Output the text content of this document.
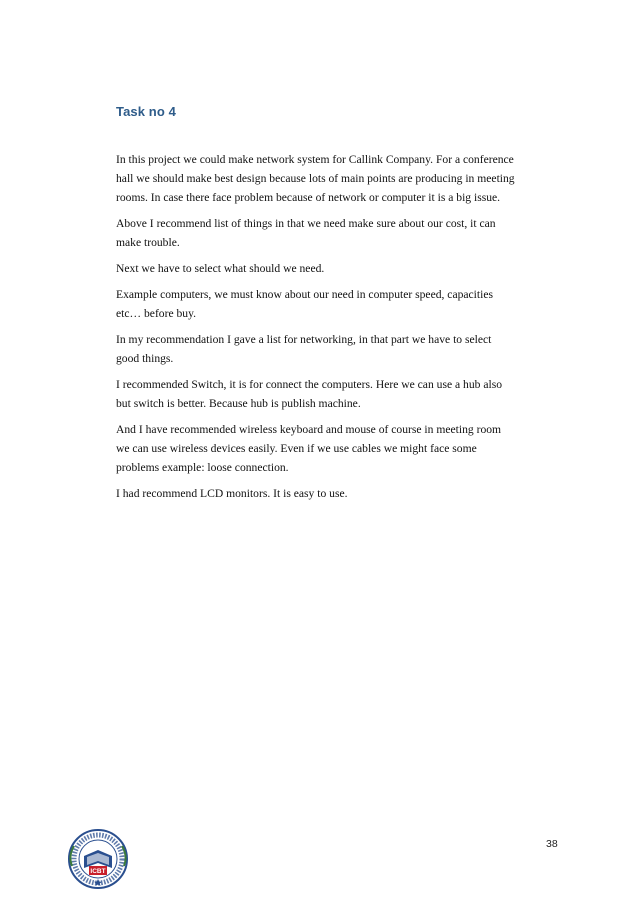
Task no 4

In this project we could make network system for Callink Company. For a conference
hall we should make best design because lots of main points are producing in meeting
rooms. In case there face problem because of network or computer it is a big issue.

Above I recommend list of things in that we need make sure about our cost, it can
make trouble.

Next we have to select what should we need.

Example computers, we must know about our need in computer speed, capacities
etc… before buy.

In my recommendation I gave a list for networking, in that part we have to select
good things.

I recommended Switch, it is for connect the computers. Here we can use a hub also
but switch is better. Because hub is publish machine.

And I have recommended wireless keyboard and mouse of course in meeting room
we can use wireless devices easily. Even if we use cables we might face some
problems example: loose connection.

I had recommend LCD monitors. It is easy to use.

ICBT
38
